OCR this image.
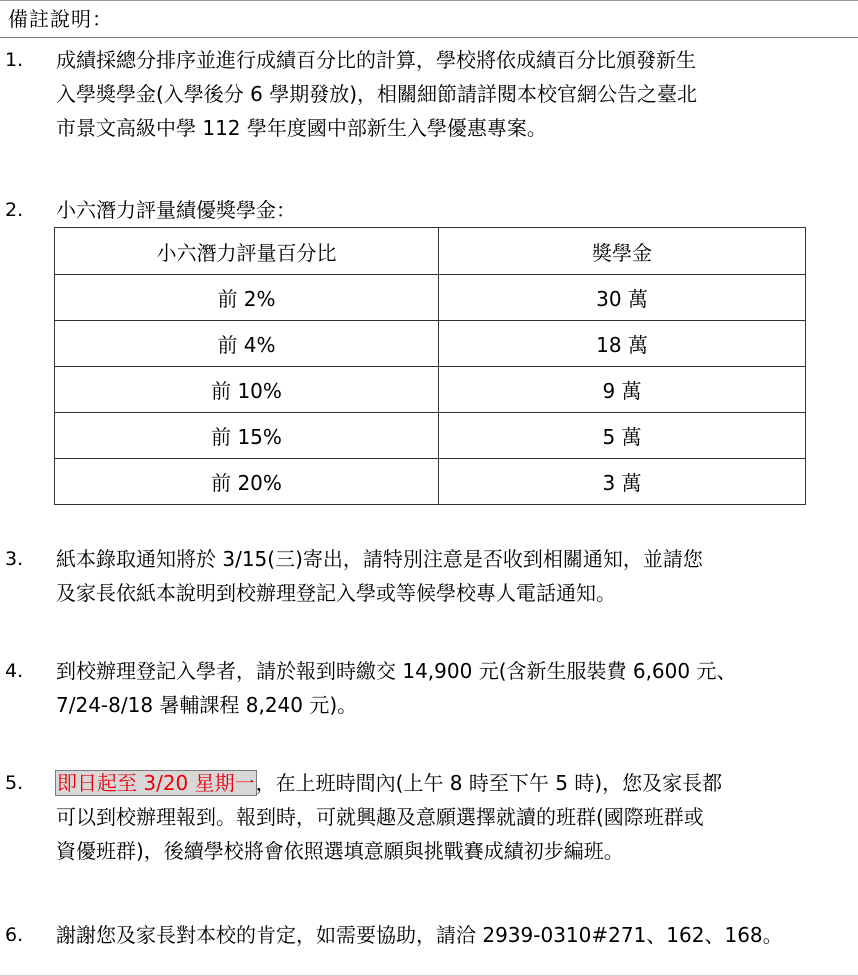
備註說明：
1.	成績採總分排序並進行成績百分比的計算，學校將依成績百分比頒發新生
入學獎學金(入學後分 6 學期發放)，相關細節請詳閱本校官網公告之臺北
市景文高級中學 112 學年度國中部新生入學優惠專案。
2.	小六潛力評量績優獎學金：
小六潛力評量百分比	獎學金
前 2%	30 萬
前 4%	18 萬
前 10%	9 萬
前 15%	5 萬
前 20%	3 萬
3.	紙本錄取通知將於 3/15(三)寄出，請特別注意是否收到相關通知，並請您
及家長依紙本說明到校辦理登記入學或等候學校專人電話通知。
4.	到校辦理登記入學者，請於報到時繳交 14,900 元(含新生服裝費 6,600 元、
7/24-8/18 暑輔課程 8,240 元)。
5.	即日起至 3/20 星期一，在上班時間內(上午 8 時至下午 5 時)，您及家長都
可以到校辦理報到。報到時，可就興趣及意願選擇就讀的班群(國際班群或
資優班群)，後續學校將會依照選填意願與挑戰賽成績初步編班。
6.	謝謝您及家長對本校的肯定，如需要協助，請洽 2939-0310#271、162、168。
